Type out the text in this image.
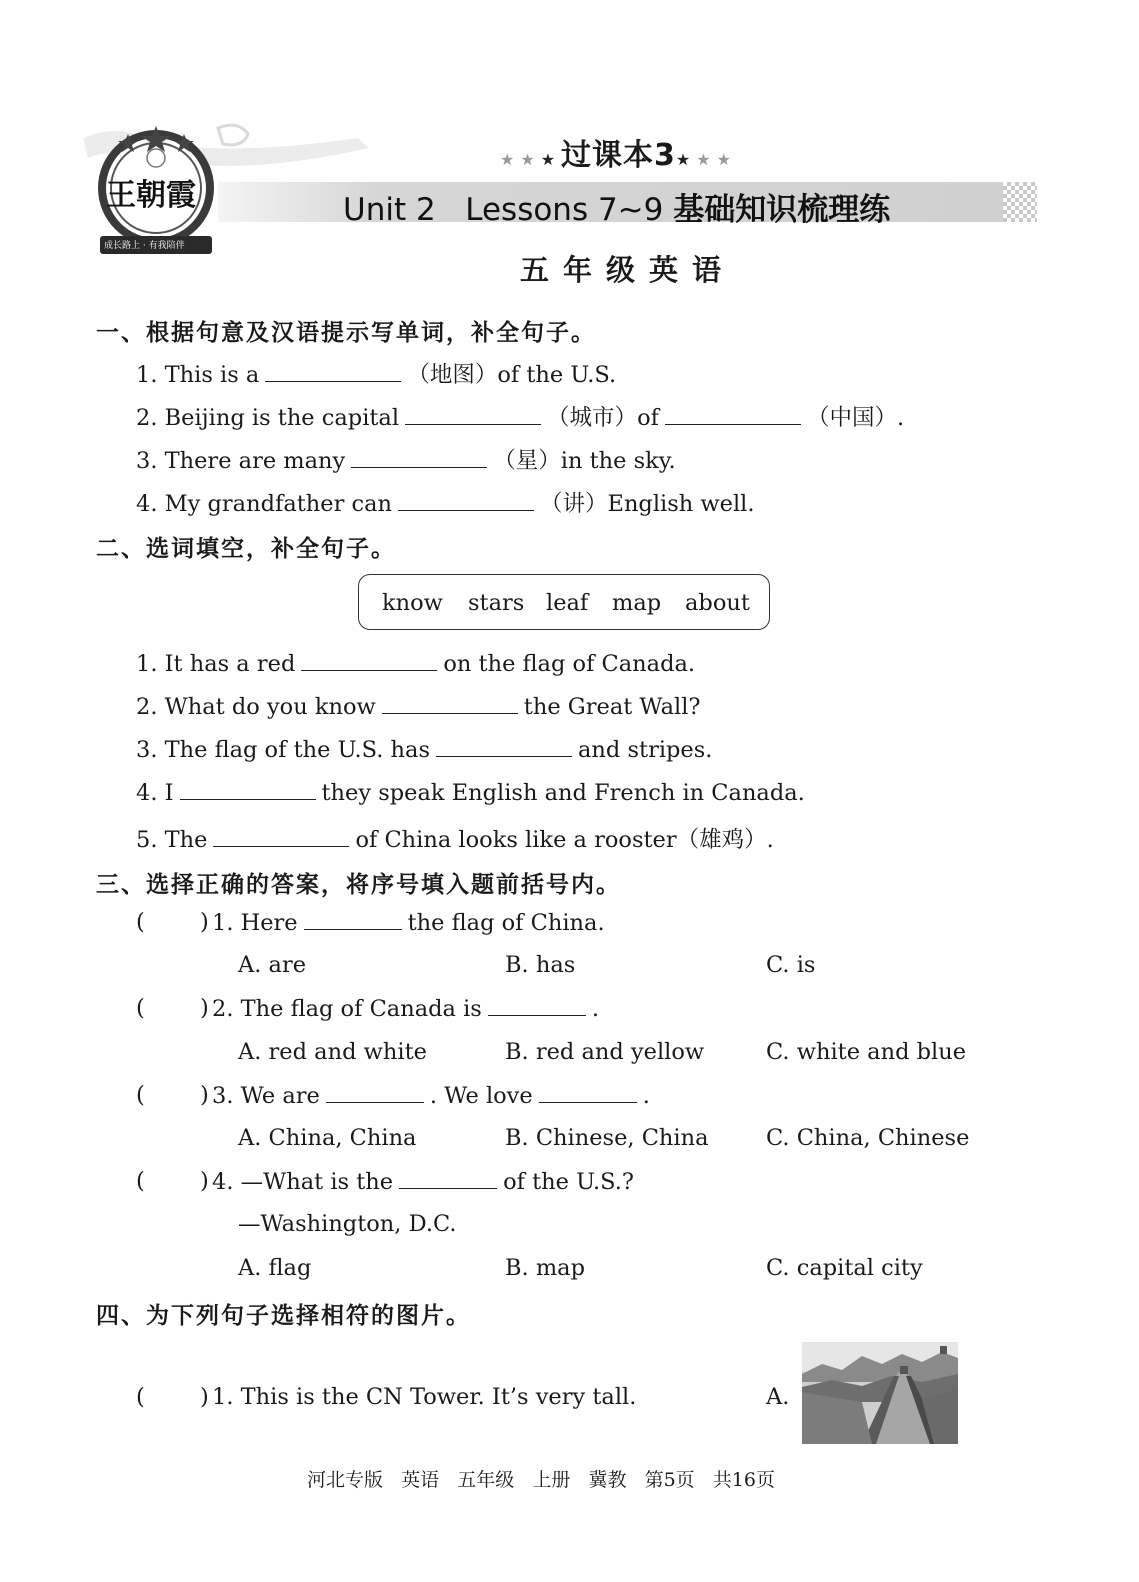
王朝霞
成长路上 · 有我陪伴
★★★过课本3★★★
Unit 2   Lessons 7~9 基础知识梳理练
五年级英语
一、根据句意及汉语提示写单词，补全句子。
1. This is a	（地图）of the U.S.
2. Beijing is the capital	（城市）of	（中国）.
3. There are many	（星）in the sky.
4. My grandfather can	（讲）English well.
二、选词填空，补全句子。
know stars leaf map about
1. It has a red	on the flag of Canada.
2. What do you know	the Great Wall?
3. The flag of the U.S. has	and stripes.
4. I	they speak English and French in Canada.
5. The	of China looks like a rooster（雄鸡）.
三、选择正确的答案，将序号填入题前括号内。
( ) 1. Here	the flag of China.
A. are	B. has	C. is
( ) 2. The flag of Canada is	.
A. red and white	B. red and yellow	C. white and blue
( ) 3. We are	. We love	.
A. China, China	B. Chinese, China	C. China, Chinese
( ) 4. —What is the	of the U.S.?
—Washington, D.C.
A. flag	B. map	C. capital city
四、为下列句子选择相符的图片。
( ) 1. This is the CN Tower. It’s very tall.	A.
河北专版   英语   五年级   上册   冀教   第5页   共16页
